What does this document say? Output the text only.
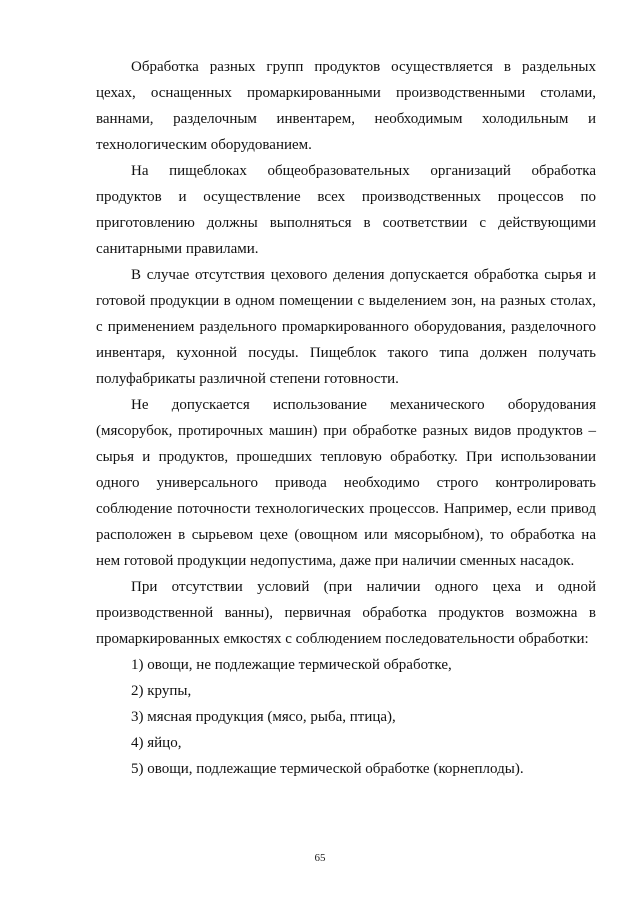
Обработка разных групп продуктов осуществляется в раздельных цехах, оснащенных промаркированными производственными столами, ваннами, разделочным инвентарем, необходимым холодильным и технологическим оборудованием.

На пищеблоках общеобразовательных организаций обработка продуктов и осуществление всех производственных процессов по приготовлению должны выполняться в соответствии с действующими санитарными правилами.

В случае отсутствия цехового деления допускается обработка сырья и готовой продукции в одном помещении с выделением зон, на разных столах, с применением раздельного промаркированного оборудования, разделочного инвентаря, кухонной посуды. Пищеблок такого типа должен получать полуфабрикаты различной степени готовности.

Не допускается использование механического оборудования (мясорубок, протирочных машин) при обработке разных видов продуктов – сырья и продуктов, прошедших тепловую обработку. При использовании одного универсального привода необходимо строго контролировать соблюдение поточности технологических процессов. Например, если привод расположен в сырьевом цехе (овощном или мясорыбном), то обработка на нем готовой продукции недопустима, даже при наличии сменных насадок.

При отсутствии условий (при наличии одного цеха и одной производственной ванны), первичная обработка продуктов возможна в промаркированных емкостях с соблюдением последовательности обработки:

1) овощи, не подлежащие термической обработке,

2) крупы,

3) мясная продукция (мясо, рыба, птица),

4) яйцо,

5) овощи, подлежащие термической обработке (корнеплоды).

65
